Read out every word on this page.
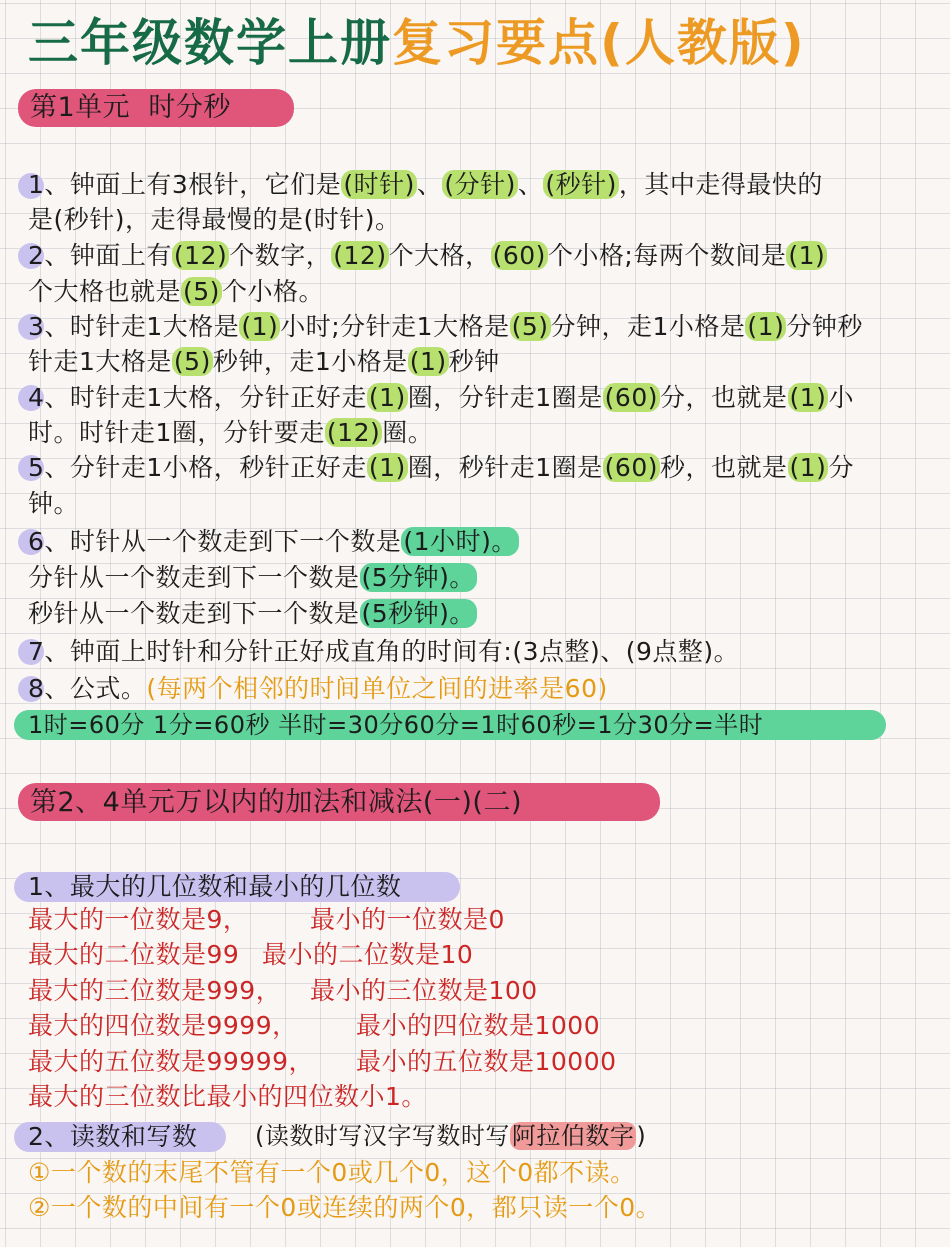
三年级数学上册复习要点(人教版)
第1单元  时分秒
1、钟面上有3根针，它们是(时针)、(分针)、(秒针)，其中走得最快的
是(秒针)，走得最慢的是(时针)。
2、钟面上有(12)个数字，(12)个大格，(60)个小格;每两个数间是(1)
个大格也就是(5)个小格。
3、时针走1大格是(1)小时;分针走1大格是(5)分钟，走1小格是(1)分钟秒
针走1大格是(5)秒钟，走1小格是(1)秒钟
4、时针走1大格，分针正好走(1)圈，分针走1圈是(60)分，也就是(1)小
时。时针走1圈，分针要走(12)圈。
5、分针走1小格，秒针正好走(1)圈，秒针走1圈是(60)秒，也就是(1)分
钟。
6、时针从一个数走到下一个数是(1小时)。
分针从一个数走到下一个数是(5分钟)。
秒针从一个数走到下一个数是(5秒钟)。
7、钟面上时针和分针正好成直角的时间有:(3点整)、(9点整)。
8、公式。(每两个相邻的时间单位之间的进率是60)
1时=60分 1分=60秒 半时=30分60分=1时60秒=1分30分=半时
第2、4单元万以内的加法和减法(一)(二)
1、最大的几位数和最小的几位数
最大的一位数是9， 最小的一位数是0
最大的二位数是99 最小的二位数是10
最大的三位数是999， 最小的三位数是100
最大的四位数是9999， 最小的四位数是1000
最大的五位数是99999， 最小的五位数是10000
最大的三位数比最小的四位数小1。
2、读数和写数 (读数时写汉字写数时写阿拉伯数字)
①一个数的末尾不管有一个0或几个0，这个0都不读。
②一个数的中间有一个0或连续的两个0，都只读一个0。
